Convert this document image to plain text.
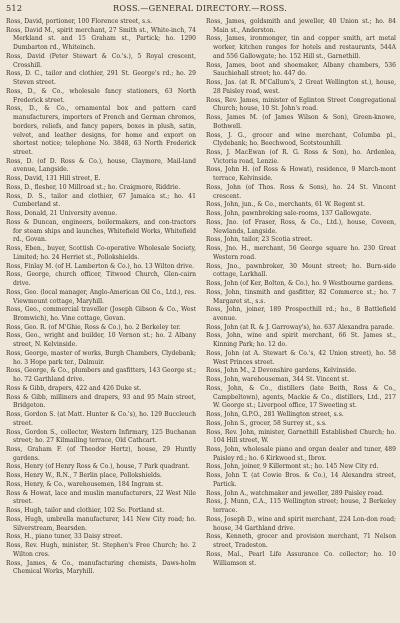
512	ROSS.—GENERAL DIRECTORY.—ROSS.

Ross, David, portioner, 100 Florence street, s.s.

Ross, David M., spirit merchant, 27 Smith st., White-inch, 74 Merkland st. and 15 Graham st., Partick; ho. 1290 Dumbarton rd., Whiteinch.

Ross, David (Peter Stewart & Co.'s.), 5 Royal crescent, Crosshill.

Ross, D. C., tailor and clothier, 291 St. George's rd.; ho. 29 Steven street.

Ross, D., & Co., wholesale fancy stationers, 63 North Frederick street.

Ross, D., & Co., ornamental box and pattern card manufacturers, importers of French and German chromos, borders, reliefs, and fancy papers, boxes in plush, satin, velvet, and leather designs, for home and export on shortest notice; telephone No. 3848, 63 North Frederick street.

Ross, D. (of D. Ross & Co.), house, Claymore, Mail-land avenue, Langside.

Ross, David, 131 Hill street, E.

Ross, D., flesher, 10 Millroad st.; ho. Craigmore, Riddrie.

Ross, D. S., tailor and clothier, 67 Jamaica st.; ho. 41 Cumberland st.

Ross, Donald, 21 University avenue.

Ross & Duncan, engineers, boilermakers, and con-tractors for steam ships and launches, Whitefield Works, Whitefield rd., Govan.

Ross, Eben., buyer, Scottish Co-operative Wholesale Society, Limited; ho. 24 Herriet st., Pollokshields.

Ross, Finlay M. (of H. Lamberton & Co.), ho. 13 Wilton drive.

Ross, George, church officer, Titwood Church, Glen-cairn drive.

Ross, Geo. (local manager, Anglo-American Oil Co., Ltd.), res. Viewmount cottage, Maryhill.

Ross, Geo., commercial traveller (Joseph Gibson & Co., West Bromwich), ho. Vine cottage, Govan.

Ross, Geo. R. (of M'Ghie, Ross & Co.), ho. 2 Berkeley ter.

Ross, Geo., wright and builder, 10 Vernon st.; ho. 2 Albany street, N. Kelvinside.

Ross, George, master of works, Burgh Chambers, Clydebank; ho. 3 Hope park ter., Dalmuir.

Ross, George, & Co., plumbers and gasfitters, 143 George st.; ho. 72 Garthland drive.

Ross & Gibb, drapers, 422 and 426 Duke st.

Ross & Gibb, milliners and drapers, 93 and 95 Main street, Bridgeton.

Ross, Gordon S. (at Matt. Hunter & Co.'s), ho. 129 Buccleuch street.

Ross, Gordon S., collector, Western Infirmary, 125 Buchanan street; ho. 27 Kilmailing terrace, Old Cathcart.

Ross, Graham F. (of Theodor Hertz), house, 29 Huntly gardens.

Ross, Henry (of Henry Ross & Co.), house, 7 Park quadrant.

Ross, Henry W., R.N., 7 Berlin place, Pollokshields.

Ross, Henry, & Co., warehousemen, 184 Ingram st.

Ross & Howat, lace and muslin manufacturers, 22 West Nile street.

Ross, Hugh, tailor and clothier, 102 So. Portland st.

Ross, Hugh, umbrella manufacturer, 141 New City road; ho. Silverstream, Bearsden.

Ross, H., piano tuner, 33 Daisy street.

Ross, Rev. Hugh, minister, St. Stephen's Free Church; ho. 2 Wilton cres.

Ross, James, & Co., manufacturing chemists, Daws-holm Chemical Works, Maryhill.

Ross, James, goldsmith and jeweller, 40 Union st.; ho. 84 Main st., Anderston.

Ross, James, ironmonger, tin and copper smith, art metal worker, kitchen ranges for hotels and restaurants, 544A and 556 Gallowgate; ho. 152 Hill st., Garnethill.

Ross, James, boot and shoemaker, Albany chambers, 536 Sauchiehall street; ho. 447 do.

Ross, Jas. (at R. M'Callum's, 2 Great Wellington st.), house, 28 Paisley road, west.

Ross, Rev. James, minister of Eglinton Street Congregational Church; house, 10 St. John's road.

Ross, James M. (of James Wilson & Son), Green-knowe, Bothwell.

Ross, J. G., grocer and wine merchant, Columba pl., Clydebank; ho. Beechwood, Scotstounhill.

Ross, J. MacEwan (of R. G. Ross & Son), ho. Ardenlea, Victoria road, Lenzie.

Ross, John H. (of Ross & Howat), residence, 9 March-mont terrace, Kelvinside.

Ross, John (of Thos. Ross & Sons), ho. 24 St. Vincent crescent.

Ross, John, jun., & Co., merchants, 61 W. Regent st.

Ross, John, pawnbroking sale-rooms, 137 Gallowgate.

Ross, Jno. (of Fraser, Ross, & Co., Ltd.), house, Coveen, Newlands, Langside.

Ross, John, tailor, 23 Scotia street.

Ross, Jno. H., merchant, 56 George square ho. 230 Great Western road.

Ross, Jno., pawnbroker, 30 Mount street; ho. Burn-side cottage, Larkhall.

Ross, John (of Ker, Bolton, & Co.), ho. 9 Westbourne gardens.

Ross, John, tinsmith and gasfitter, 82 Commerce st.; ho. 7 Margaret st., s.s.

Ross, John, joiner, 189 Prospecthill rd.; ho., 8 Battlefield avenue.

Ross, John (at R. & J. Garroway's), ho. 637 Alexandra parade.

Ross, John, wine and spirit merchant, 66 St. James st., Kinning Park; ho. 12 do.

Ross, John (at A. Stewart & Co.'s, 42 Union street), ho. 58 West Princes street.

Ross, John M., 2 Devonshire gardens, Kelvinside.

Ross, John, warehouseman, 344 St. Vincent st.

Ross, John, & Co., distillers (late Beith, Ross & Co., Campbeltown), agents, Mackie & Co., distillers, Ltd., 217 W. George st.; Liverpool office, 17 Sweeting st.

Ross, John, G.P.O., 281 Wellington street, s.s.

Ross, John S., grocer, 58 Surrey st., s.s.

Ross, Rev. John, minister, Garnethill Established Church; ho. 104 Hill street, W.

Ross, John, wholesale piano and organ dealer and tuner, 489 Paisley rd.; ho. 6 Kirkwood st., Ibrox.

Ross, John, joiner, 9 Killermont st.; ho. 145 New City rd.

Ross, John T. (at Cowie Bros. & Co.), 14 Alexandra street, Partick.

Ross, John A., watchmaker and jeweller, 289 Paisley road.

Ross, J. Munn, C.A., 115 Wellington street; house, 2 Berkeley terrace.

Ross, Joseph D., wine and spirit merchant, 224 Lon-don road; house, 34 Garthland drive.

Ross, Kenneth, grocer and provision merchant, 71 Nelson street, Tradeston.

Ross, Mal., Pearl Life Assurance Co. collector; ho. 10 Williamson st.
